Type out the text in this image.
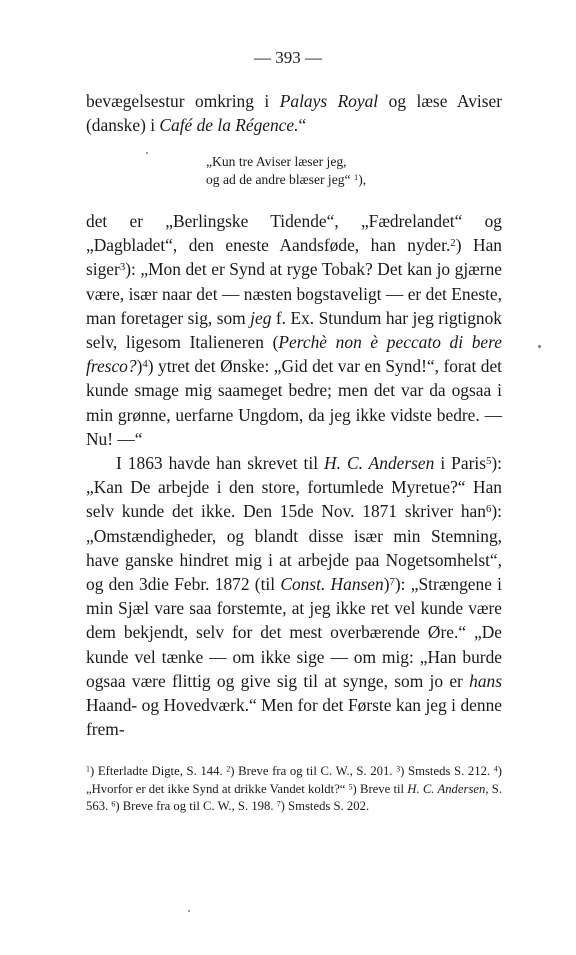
— 393 —

bevægelsestur omkring i Palays Royal og læse Aviser (danske) i Café de la Régence.“

„Kun tre Aviser læser jeg,
og ad de andre blæser jeg“ $^1$),

det er „Berlingske Tidende“, „Fædrelandet“ og „Dagbladet“, den eneste Aandsføde, han nyder.$^2$) Han siger$^3$): „Mon det er Synd at ryge Tobak? Det kan jo gjærne være, især naar det — næsten bogstaveligt — er det Eneste, man foretager sig, som jeg f. Ex. Stundum har jeg rigtignok selv, ligesom Italieneren (Perchè non è peccato di bere fresco?)$^4$) ytret det Ønske: „Gid det var en Synd!“, forat det kunde smage mig saameget bedre; men det var da ogsaa i min grønne, uerfarne Ungdom, da jeg ikke vidste bedre. — Nu! —“

I 1863 havde han skrevet til H. C. Andersen i Paris$^5$): „Kan De arbejde i den store, fortumlede Myretue?“ Han selv kunde det ikke. Den 15de Nov. 1871 skriver han$^6$): „Omstændigheder, og blandt disse især min Stemning, have ganske hindret mig i at arbejde paa Nogetsomhelst“, og den 3die Febr. 1872 (til Const. Hansen)$^7$): „Strængene i min Sjæl vare saa forstemte, at jeg ikke ret vel kunde være dem bekjendt, selv for det mest overbærende Øre.“ „De kunde vel tænke — om ikke sige — om mig: „Han burde ogsaa være flittig og give sig til at synge, som jo er hans Haand- og Hovedværk.“ Men for det Første kan jeg i denne frem-

$^1$) Efterladte Digte, S. 144. $^2$) Breve fra og til C. W., S. 201. $^3$) Smsteds S. 212. $^4$) „Hvorfor er det ikke Synd at drikke Vandet koldt?“ $^5$) Breve til H. C. Andersen, S. 563. $^6$) Breve fra og til C. W., S. 198. $^7$) Smsteds S. 202.
